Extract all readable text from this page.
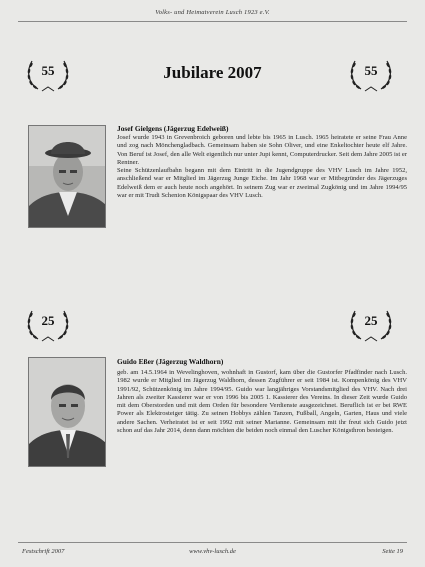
Volks- und Heimatverein Lusch 1923 e.V.
55	Jubilare 2007	55
Josef Gielgens (Jägerzug Edelweiß)

Josef wurde 1943 in Grevenbroich geboren und lebte bis 1965 in Lusch. 1965 heiratete er seine Frau Anne und zog nach Mönchengladbach. Gemeinsam haben sie Sohn Oliver, und eine Enkeltochter heute elf Jahre. Von Beruf ist Josef, den alle Welt eigentlich nur unter Jupi kennt, Computerdrucker. Seit dem Jahre 2005 ist er Rentner.

Seine Schützenlaufbahn begann mit dem Eintritt in die Jugendgruppe des VHV Lusch im Jahre 1952, anschließend war er Mitglied im Jägerzug Junge Eiche. Im Jahr 1968 war er Mitbegründer des Jägerzuges Edelweiß dem er auch heute noch angehört. In seinem Zug war er zweimal Zugkönig und im Jahre 1994/95 war er mit Trudi Schenion Königspaar des VHV Lusch.

25	25
Guido Eßer (Jägerzug Waldhorn)

geb. am 14.5.1964 in Wevelinghoven, wohnhaft in Gustorf, kam über die Gustorfer Pfadfinder nach Lusch. 1982 wurde er Mitglied im Jägerzug Waldhorn, dessen Zugführer er seit 1984 ist. Kompenkönig des VHV 1991/92, Schützenkönig im Jahre 1994/95. Guido war langjähriges Vorstandsmitglied des VHV. Nach drei Jahren als zweiter Kassierer war er von 1996 bis 2005 1. Kassierer des Vereins. In dieser Zeit wurde Guido mit dem Oberstorden und mit dem Orden für besondere Verdienste ausgezeichnet. Beruflich ist er bei RWE Power als Elektrosteiger tätig. Zu seinen Hobbys zählen Tanzen, Fußball, Angeln, Garten, Haus und viele andere Sachen. Verheiratet ist er seit 1992 mit seiner Marianne. Gemeinsam mit ihr freut sich Guido jetzt schon auf das Jahr 2014, denn dann möchten die beiden noch einmal den Luscher Königsthron besteigen.

Festschrift 2007	www.vhv-lusch.de	Seite 19
